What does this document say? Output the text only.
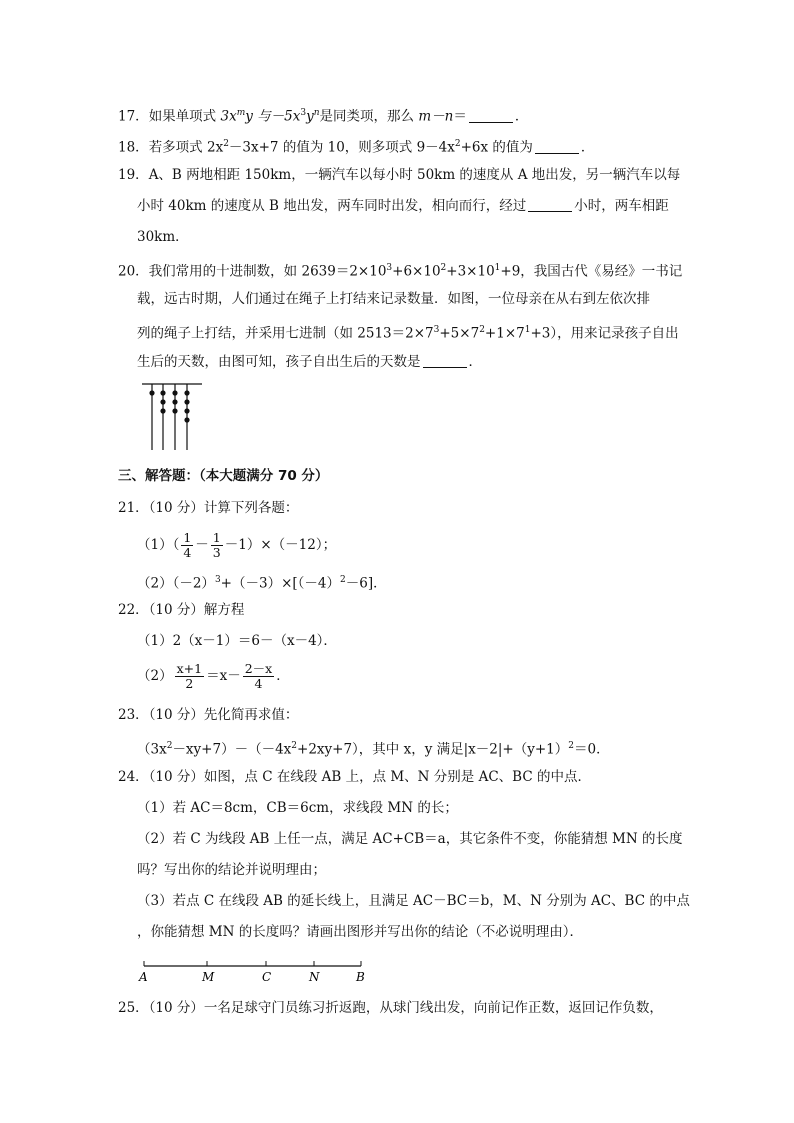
17．如果单项式 $3x^my$ 与$-5x^3y^n$是同类项，那么 m－n＝	．
18．若多项式 $2x^2-3x+7$ 的值为 10，则多项式 $9-4x^2+6x$ 的值为	．
19．A、B 两地相距 150km，一辆汽车以每小时 50km 的速度从 A 地出发，另一辆汽车以每
小时 40km 的速度从 B 地出发，两车同时出发，相向而行，经过	小时，两车相距
30km．
20．我们常用的十进制数，如 $2639=2\times 10^3+6\times 10^2+3\times 10^1+9$，我国古代《易经》一书记
载，远古时期，人们通过在绳子上打结来记录数量．如图，一位母亲在从右到左依次排
列的绳子上打结，并采用七进制（如 $2513=2\times 7^3+5\times 7^2+1\times 7^1+3$），用来记录孩子自出
生后的天数，由图可知，孩子自出生后的天数是	．
三、解答题：（本大题满分 70 分）
21．（10 分）计算下列各题：
$(1)( \frac{1}{4} - \frac{1}{3} -1)\times(-12)$；
$(2)(-2)^3+(-3)\times[(-4)^2-6]$．
22．（10 分）解方程
（1）2（x－1）＝6－（x－4）．
$(2) \frac{x+1}{2} =x- \frac{2-x}{4}$ ．
23．（10 分）先化简再求值：
$(3x^2-xy+7)-(-4x^2+2xy+7)$，其中 x，y 满足$|x-2|+(y+1)^2=0$．
24．（10 分）如图，点 C 在线段 AB 上，点 M、N 分别是 AC、BC 的中点．
（1）若 AC＝8cm，CB＝6cm，求线段 MN 的长；
（2）若 C 为线段 AB 上任一点，满足 AC+CB＝a，其它条件不变，你能猜想 MN 的长度
吗？写出你的结论并说明理由；
（3）若点 C 在线段 AB 的延长线上，且满足 AC－BC＝b，M、N 分别为 AC、BC 的中点
，你能猜想 MN 的长度吗？请画出图形并写出你的结论（不必说明理由）．
A	M	C	N	B
25．（10 分）一名足球守门员练习折返跑，从球门线出发，向前记作正数，返回记作负数，
